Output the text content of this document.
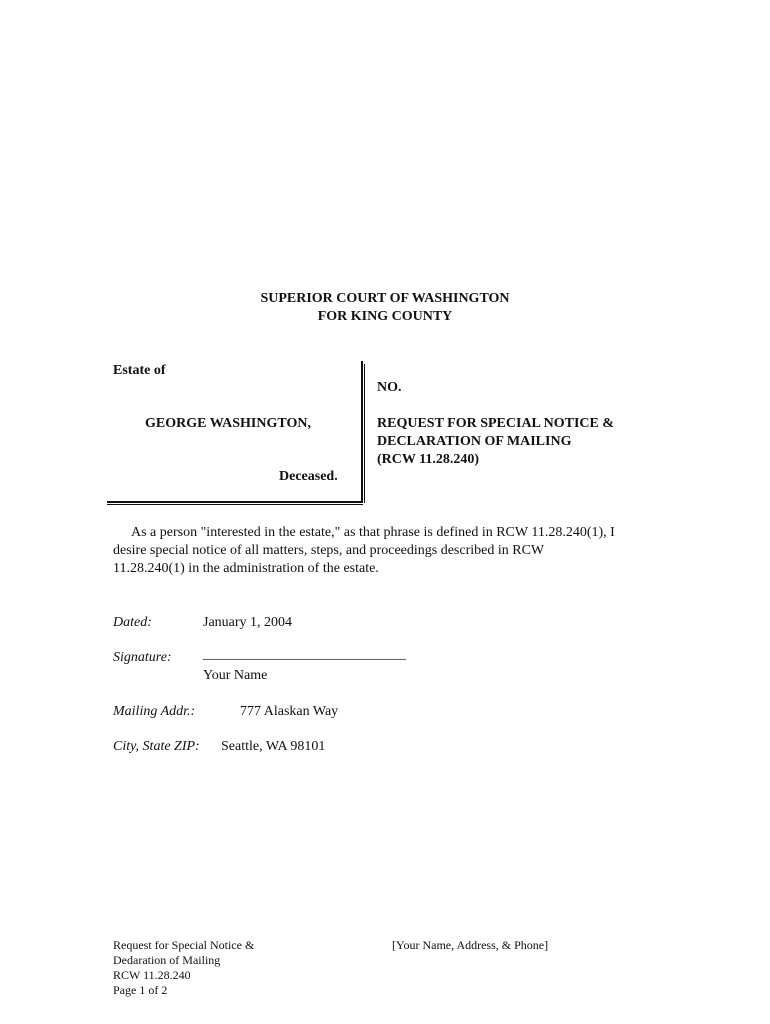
SUPERIOR COURT OF WASHINGTON
FOR KING COUNTY
Estate of
GEORGE WASHINGTON,
Deceased.
NO.
REQUEST FOR SPECIAL NOTICE &
DECLARATION OF MAILING
(RCW 11.28.240)
As a person "interested in the estate," as that phrase is defined in RCW 11.28.240(1), I
desire special notice of all matters, steps, and proceedings described in RCW
11.28.240(1) in the administration of the estate.
Dated:	January 1, 2004
Signature: _____________________________
Your Name
Mailing Addr.:	777 Alaskan Way
City, State ZIP: Seattle, WA 98101
Request for Special Notice &
Dedaration of Mailing
RCW 11.28.240
Page 1 of 2
[Your Name, Address, & Phone]
